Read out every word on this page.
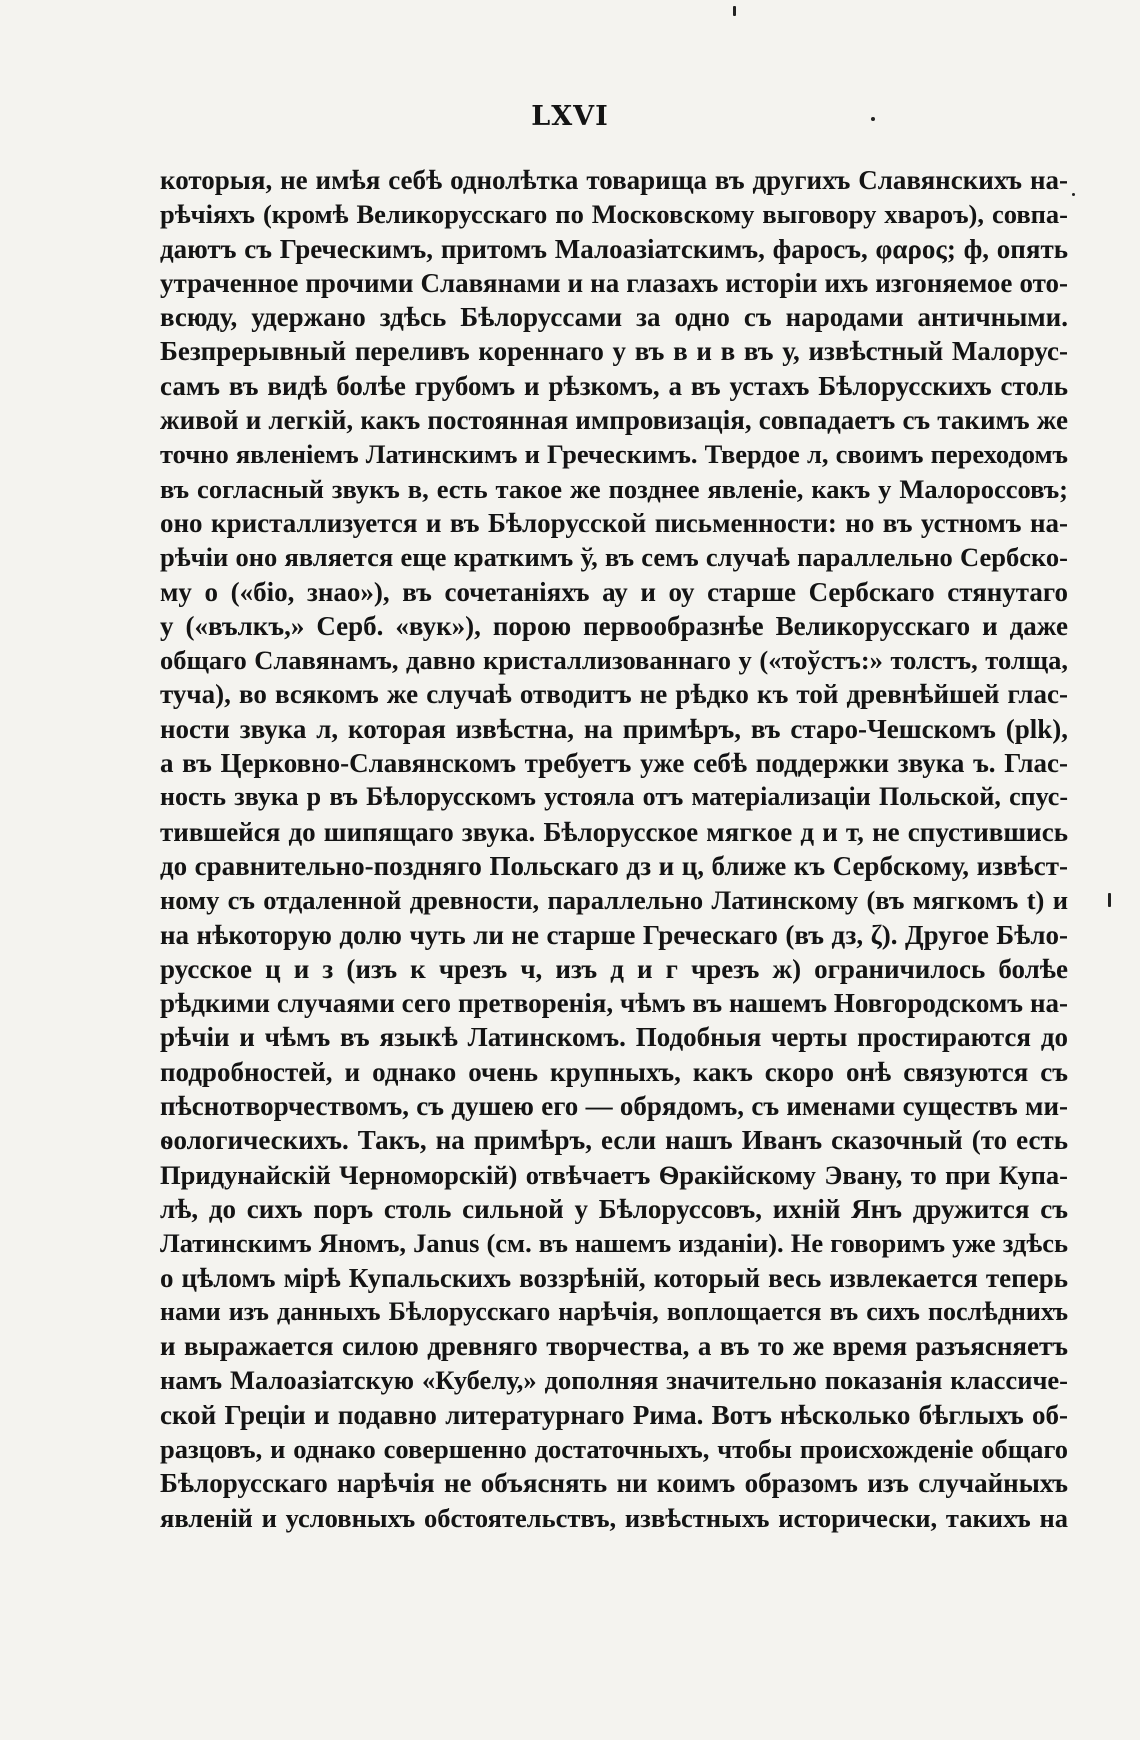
LXVI
которыя, не имѣя себѣ однолѣтка товарища въ другихъ Славянскихъ на-
рѣчіяхъ (кромѣ Великорусскаго по Московскому выговору хвароъ), совпа-
даютъ съ Греческимъ, притомъ Малоазіатскимъ, фаросъ, φαρος; ф, опять
утраченное прочими Славянами и на глазахъ исторіи ихъ изгоняемое ото-
всюду, удержано здѣсь Бѣлоруссами за одно съ народами античными.
Безпрерывный переливъ кореннаго у въ в и в въ у, извѣстный Малорус-
самъ въ видѣ болѣе грубомъ и рѣзкомъ, а въ устахъ Бѣлорусскихъ столь
живой и легкій, какъ постоянная импровизація, совпадаетъ съ такимъ же
точно явленіемъ Латинскимъ и Греческимъ. Твердое л, своимъ переходомъ
въ согласный звукъ в, есть такое же позднее явленіе, какъ у Малороссовъ;
оно кристаллизуется и въ Бѣлорусской письменности: но въ устномъ на-
рѣчіи оно является еще краткимъ ў, въ семъ случаѣ параллельно Сербско-
му о («біо, знао»), въ сочетаніяхъ ау и оу старше Сербскаго стянутаго
у («вълкъ,» Серб. «вук»), порою первообразнѣе Великорусскаго и даже
общаго Славянамъ, давно кристаллизованнаго у («тоўстъ:» толстъ, толща,
туча), во всякомъ же случаѣ отводитъ не рѣдко къ той древнѣйшей глас-
ности звука л, которая извѣстна, на примѣръ, въ старо-Чешскомъ (plk),
а въ Церковно-Славянскомъ требуетъ уже себѣ поддержки звука ъ. Глас-
ность звука р въ Бѣлорусскомъ устояла отъ матеріализаціи Польской, спус-
тившейся до шипящаго звука. Бѣлорусское мягкое д и т, не спустившись
до сравнительно-поздняго Польскаго дз и ц, ближе къ Сербскому, извѣст-
ному съ отдаленной древности, параллельно Латинскому (въ мягкомъ t) и
на нѣкоторую долю чуть ли не старше Греческаго (въ дз, ζ). Другое Бѣло-
русское ц и з (изъ к чрезъ ч, изъ д и г чрезъ ж) ограничилось болѣе
рѣдкими случаями сего претворенія, чѣмъ въ нашемъ Новгородскомъ на-
рѣчіи и чѣмъ въ языкѣ Латинскомъ. Подобныя черты простираются до
подробностей, и однако очень крупныхъ, какъ скоро онѣ связуются съ
пѣснотворчествомъ, съ душею его — обрядомъ, съ именами существъ ми-
ѳологическихъ. Такъ, на примѣръ, если нашъ Иванъ сказочный (то есть
Придунайскій Черноморскій) отвѣчаетъ Ѳракійскому Эвану, то при Купа-
лѣ, до сихъ поръ столь сильной у Бѣлоруссовъ, ихній Янъ дружится съ
Латинскимъ Яномъ, Janus (см. въ нашемъ изданіи). Не говоримъ уже здѣсь
о цѣломъ мірѣ Купальскихъ воззрѣній, который весь извлекается теперь
нами изъ данныхъ Бѣлорусскаго нарѣчія, воплощается въ сихъ послѣднихъ
и выражается силою древняго творчества, а въ то же время разъясняетъ
намъ Малоазіатскую «Кубелу,» дополняя значительно показанія классиче-
ской Греціи и подавно литературнаго Рима. Вотъ нѣсколько бѣглыхъ об-
разцовъ, и однако совершенно достаточныхъ, чтобы происхожденіе общаго
Бѣлорусскаго нарѣчія не объяснять ни коимъ образомъ изъ случайныхъ
явленій и условныхъ обстоятельствъ, извѣстныхъ исторически, такихъ на
